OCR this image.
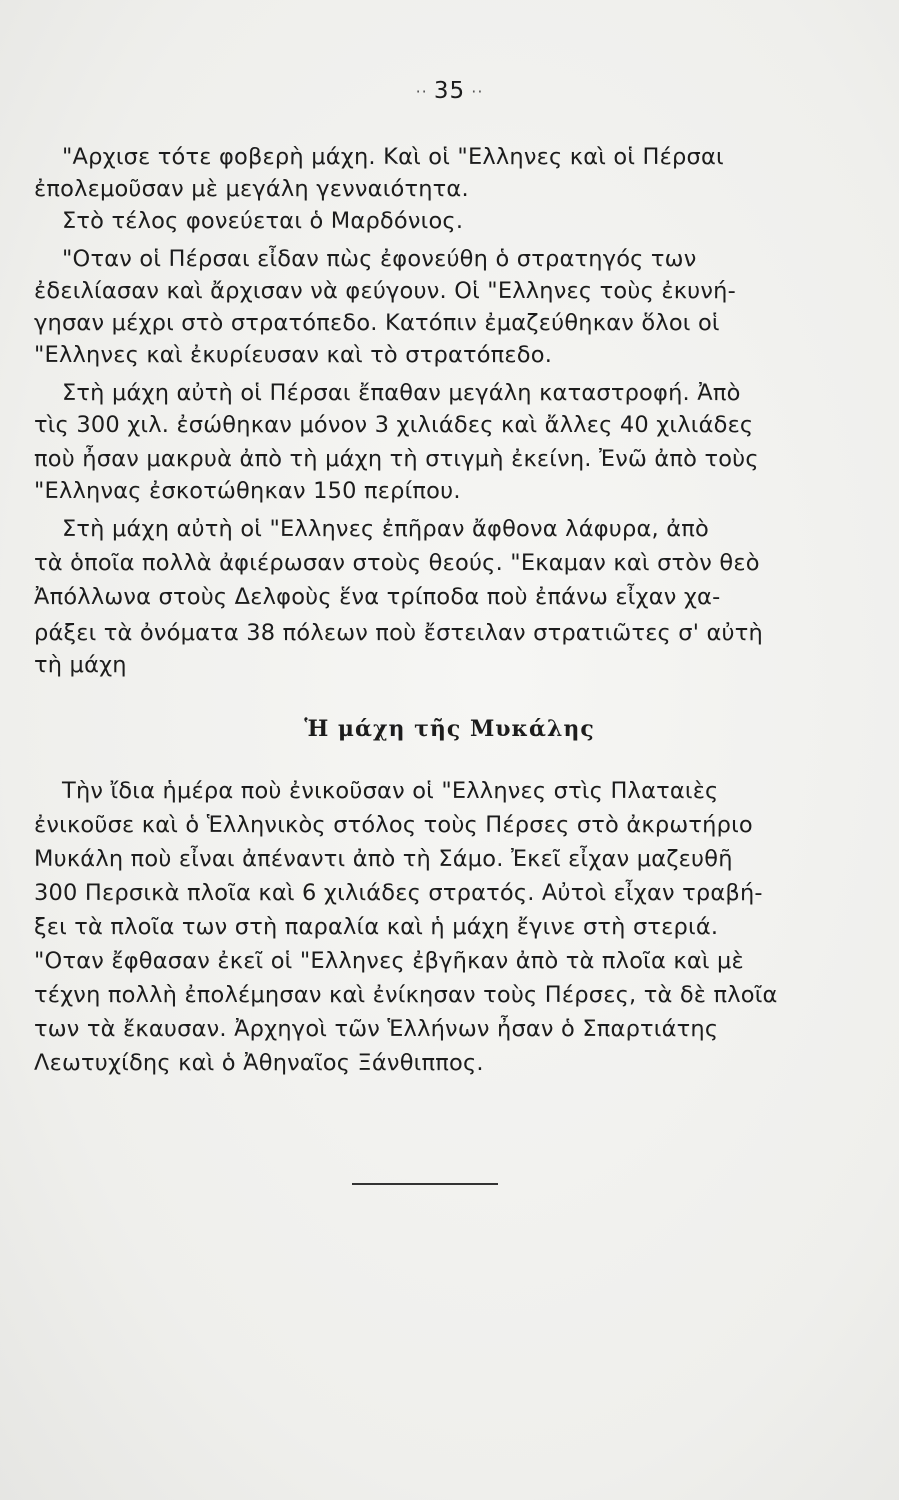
·· 35 ··
"Αρχισε τότε φοβερὴ μάχη. Καὶ οἱ "Ελληνες καὶ οἱ Πέρσαι
ἐπολεμοῦσαν μὲ μεγάλη γενναιότητα.
Στὸ τέλος φονεύεται ὁ Μαρδόνιος.
"Οταν οἱ Πέρσαι εἶδαν πὼς ἐφονεύθη ὁ στρατηγός των
ἐδειλίασαν καὶ ἄρχισαν νὰ φεύγουν. Οἱ "Ελληνες τοὺς ἐκυνή-
γησαν μέχρι στὸ στρατόπεδο. Κατόπιν ἐμαζεύθηκαν ὅλοι οἱ
"Ελληνες καὶ ἐκυρίευσαν καὶ τὸ στρατόπεδο.
Στὴ μάχη αὐτὴ οἱ Πέρσαι ἔπαθαν μεγάλη καταστροφή. Ἀπὸ
τὶς 300 χιλ. ἐσώθηκαν μόνον 3 χιλιάδες καὶ ἄλλες 40 χιλιάδες
ποὺ ἦσαν μακρυὰ ἀπὸ τὴ μάχη τὴ στιγμὴ ἐκείνη. Ἐνῶ ἀπὸ τοὺς
"Ελληνας ἐσκοτώθηκαν 150 περίπου.
Στὴ μάχη αὐτὴ οἱ "Ελληνες ἐπῆραν ἄφθονα λάφυρα, ἀπὸ
τὰ ὁποῖα πολλὰ ἀφιέρωσαν στοὺς θεούς. "Εκαμαν καὶ στὸν θεὸ
Ἀπόλλωνα στοὺς Δελφοὺς ἕνα τρίποδα ποὺ ἐπάνω εἶχαν χα-
ράξει τὰ ὀνόματα 38 πόλεων ποὺ ἔστειλαν στρατιῶτες σ' αὐτὴ
τὴ μάχη
Ἡ μάχη τῆς Μυκάλης
Τὴν ἴδια ἡμέρα ποὺ ἐνικοῦσαν οἱ "Ελληνες στὶς Πλαταιὲς
ἐνικοῦσε καὶ ὁ Ἑλληνικὸς στόλος τοὺς Πέρσες στὸ ἀκρωτήριο
Μυκάλη ποὺ εἶναι ἀπέναντι ἀπὸ τὴ Σάμο. Ἐκεῖ εἶχαν μαζευθῆ
300 Περσικὰ πλοῖα καὶ 6 χιλιάδες στρατός. Αὐτοὶ εἶχαν τραβή-
ξει τὰ πλοῖα των στὴ παραλία καὶ ἡ μάχη ἔγινε στὴ στεριά.
"Οταν ἔφθασαν ἐκεῖ οἱ "Ελληνες ἐβγῆκαν ἀπὸ τὰ πλοῖα καὶ μὲ
τέχνη πολλὴ ἐπολέμησαν καὶ ἐνίκησαν τοὺς Πέρσες, τὰ δὲ πλοῖα
των τὰ ἔκαυσαν. Ἀρχηγοὶ τῶν Ἑλλήνων ἦσαν ὁ Σπαρτιάτης
Λεωτυχίδης καὶ ὁ Ἀθηναῖος Ξάνθιππος.
